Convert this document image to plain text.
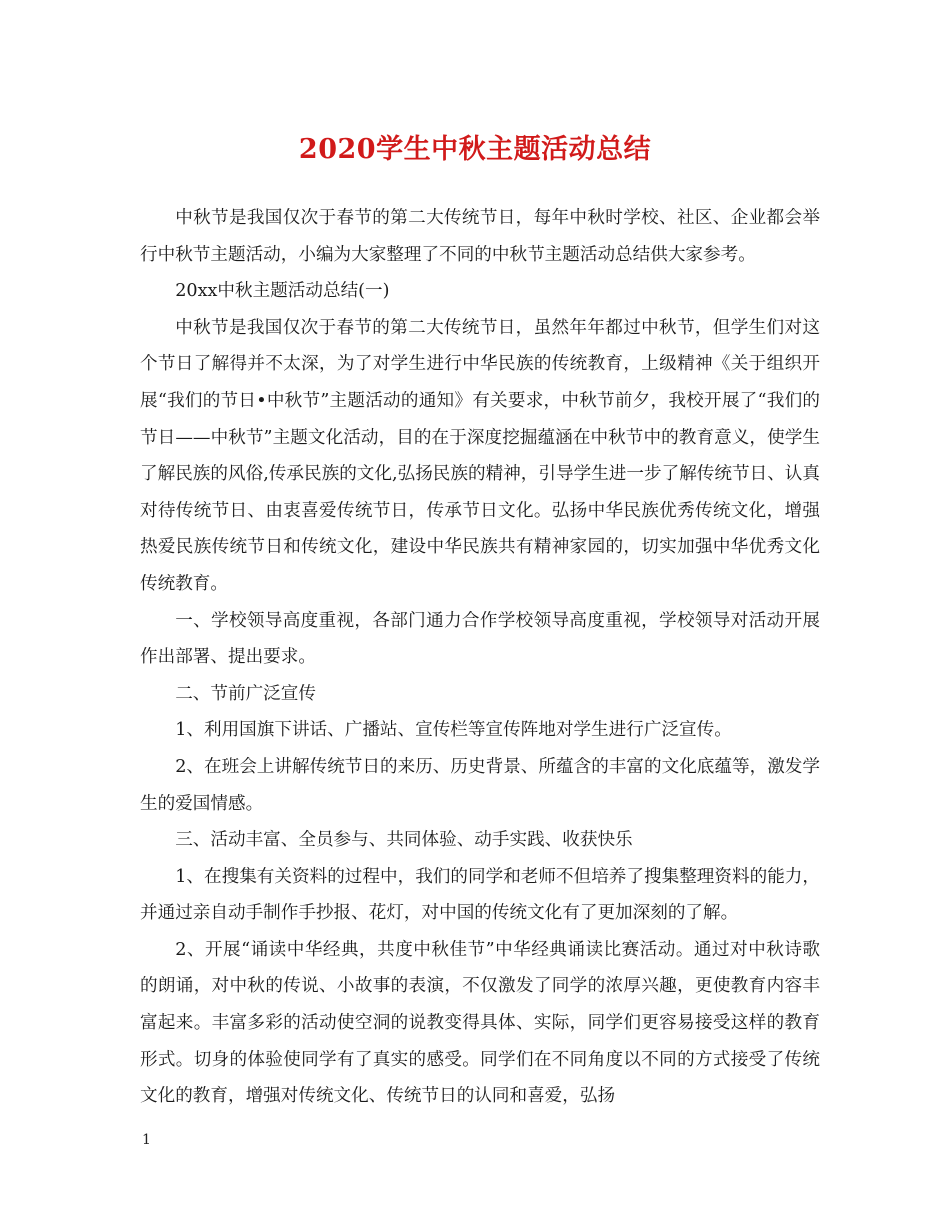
2020学生中秋主题活动总结

中秋节是我国仅次于春节的第二大传统节日，每年中秋时学校、社区、企业都会举行中秋节主题活动，小编为大家整理了不同的中秋节主题活动总结供大家参考。

20xx中秋主题活动总结(一)

中秋节是我国仅次于春节的第二大传统节日，虽然年年都过中秋节，但学生们对这个节日了解得并不太深，为了对学生进行中华民族的传统教育，上级精神《关于组织开展“我们的节日•中秋节”主题活动的通知》有关要求，中秋节前夕，我校开展了“我们的节日——中秋节”主题文化活动，目的在于深度挖掘蕴涵在中秋节中的教育意义，使学生了解民族的风俗,传承民族的文化,弘扬民族的精神，引导学生进一步了解传统节日、认真对待传统节日、由衷喜爱传统节日，传承节日文化。弘扬中华民族优秀传统文化，增强热爱民族传统节日和传统文化，建设中华民族共有精神家园的，切实加强中华优秀文化传统教育。

一、学校领导高度重视，各部门通力合作学校领导高度重视，学校领导对活动开展作出部署、提出要求。

二、节前广泛宣传

1、利用国旗下讲话、广播站、宣传栏等宣传阵地对学生进行广泛宣传。

2、在班会上讲解传统节日的来历、历史背景、所蕴含的丰富的文化底蕴等，激发学生的爱国情感。

三、活动丰富、全员参与、共同体验、动手实践、收获快乐

1、在搜集有关资料的过程中，我们的同学和老师不但培养了搜集整理资料的能力，并通过亲自动手制作手抄报、花灯，对中国的传统文化有了更加深刻的了解。

2、开展“诵读中华经典，共度中秋佳节”中华经典诵读比赛活动。通过对中秋诗歌的朗诵，对中秋的传说、小故事的表演，不仅激发了同学的浓厚兴趣，更使教育内容丰富起来。丰富多彩的活动使空洞的说教变得具体、实际，同学们更容易接受这样的教育形式。切身的体验使同学有了真实的感受。同学们在不同角度以不同的方式接受了传统文化的教育，增强对传统文化、传统节日的认同和喜爱，弘扬

1
